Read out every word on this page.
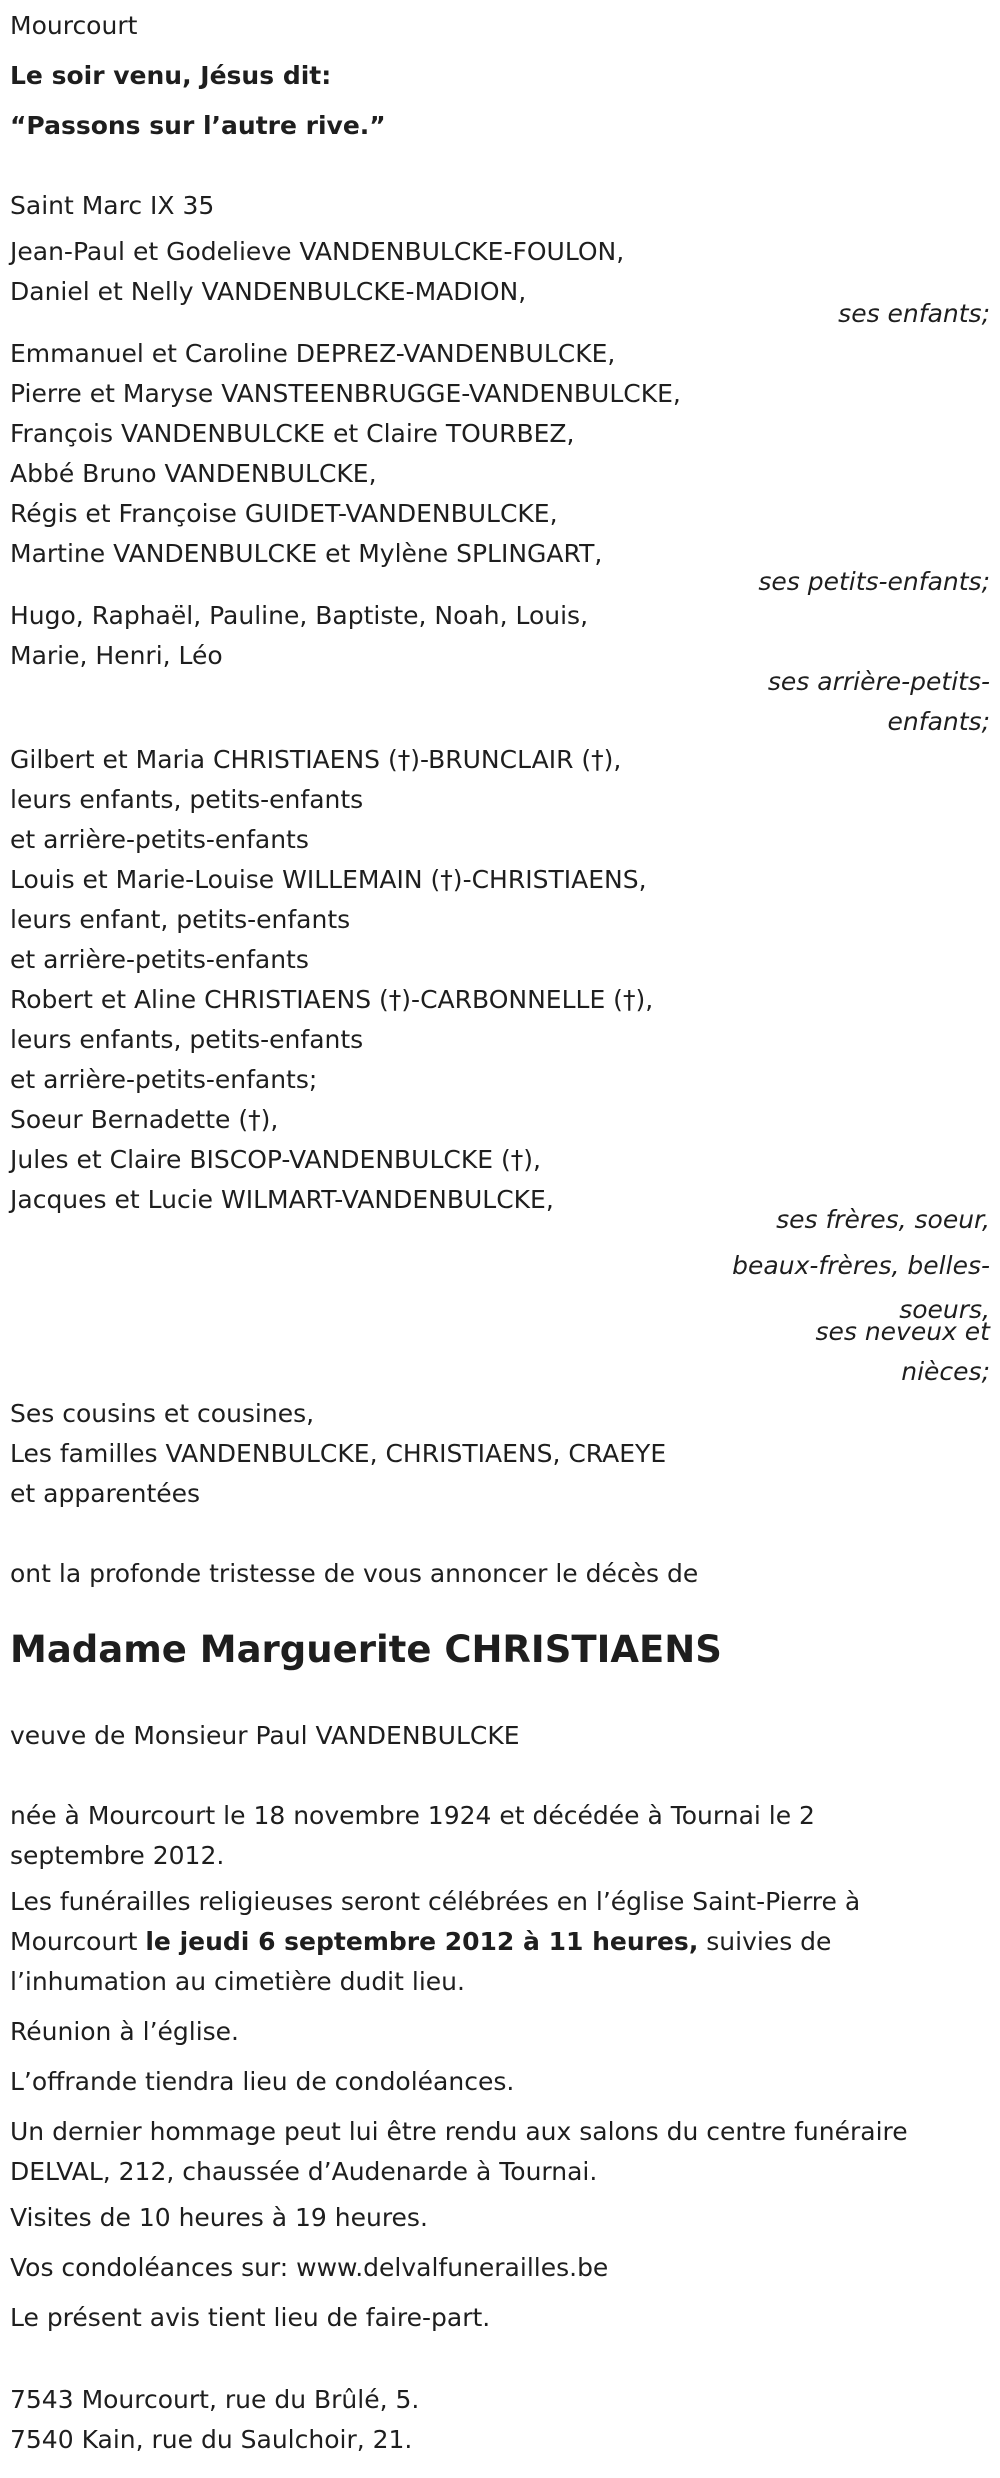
Mourcourt
Le soir venu, Jésus dit:
“Passons sur l’autre rive.”
Saint Marc IX 35
Jean-Paul et Godelieve VANDENBULCKE-FOULON,
Daniel et Nelly VANDENBULCKE-MADION,
ses enfants;
Emmanuel et Caroline DEPREZ-VANDENBULCKE,
Pierre et Maryse VANSTEENBRUGGE-VANDENBULCKE,
François VANDENBULCKE et Claire TOURBEZ,
Abbé Bruno VANDENBULCKE,
Régis et Françoise GUIDET-VANDENBULCKE,
Martine VANDENBULCKE et Mylène SPLINGART,
ses petits-enfants;
Hugo, Raphaël, Pauline, Baptiste, Noah, Louis,
Marie, Henri, Léo
ses arrière-petits-
enfants;
Gilbert et Maria CHRISTIAENS (†)-BRUNCLAIR (†),
leurs enfants, petits-enfants
et arrière-petits-enfants
Louis et Marie-Louise WILLEMAIN (†)-CHRISTIAENS,
leurs enfant, petits-enfants
et arrière-petits-enfants
Robert et Aline CHRISTIAENS (†)-CARBONNELLE (†),
leurs enfants, petits-enfants
et arrière-petits-enfants;
Soeur Bernadette (†),
Jules et Claire BISCOP-VANDENBULCKE (†),
Jacques et Lucie WILMART-VANDENBULCKE,
ses frères, soeur,
beaux-frères, belles-
soeurs,
ses neveux et
nièces;
Ses cousins et cousines,
Les familles VANDENBULCKE, CHRISTIAENS, CRAEYE
et apparentées
ont la profonde tristesse de vous annoncer le décès de
Madame Marguerite CHRISTIAENS
veuve de Monsieur Paul VANDENBULCKE
née à Mourcourt le 18 novembre 1924 et décédée à Tournai le 2
septembre 2012.
Les funérailles religieuses seront célébrées en l’église Saint-Pierre à
Mourcourt le jeudi 6 septembre 2012 à 11 heures, suivies de
l’inhumation au cimetière dudit lieu.
Réunion à l’église.
L’offrande tiendra lieu de condoléances.
Un dernier hommage peut lui être rendu aux salons du centre funéraire
DELVAL, 212, chaussée d’Audenarde à Tournai.
Visites de 10 heures à 19 heures.
Vos condoléances sur: www.delvalfunerailles.be
Le présent avis tient lieu de faire-part.
7543 Mourcourt, rue du Brûlé, 5.
7540 Kain, rue du Saulchoir, 21.
